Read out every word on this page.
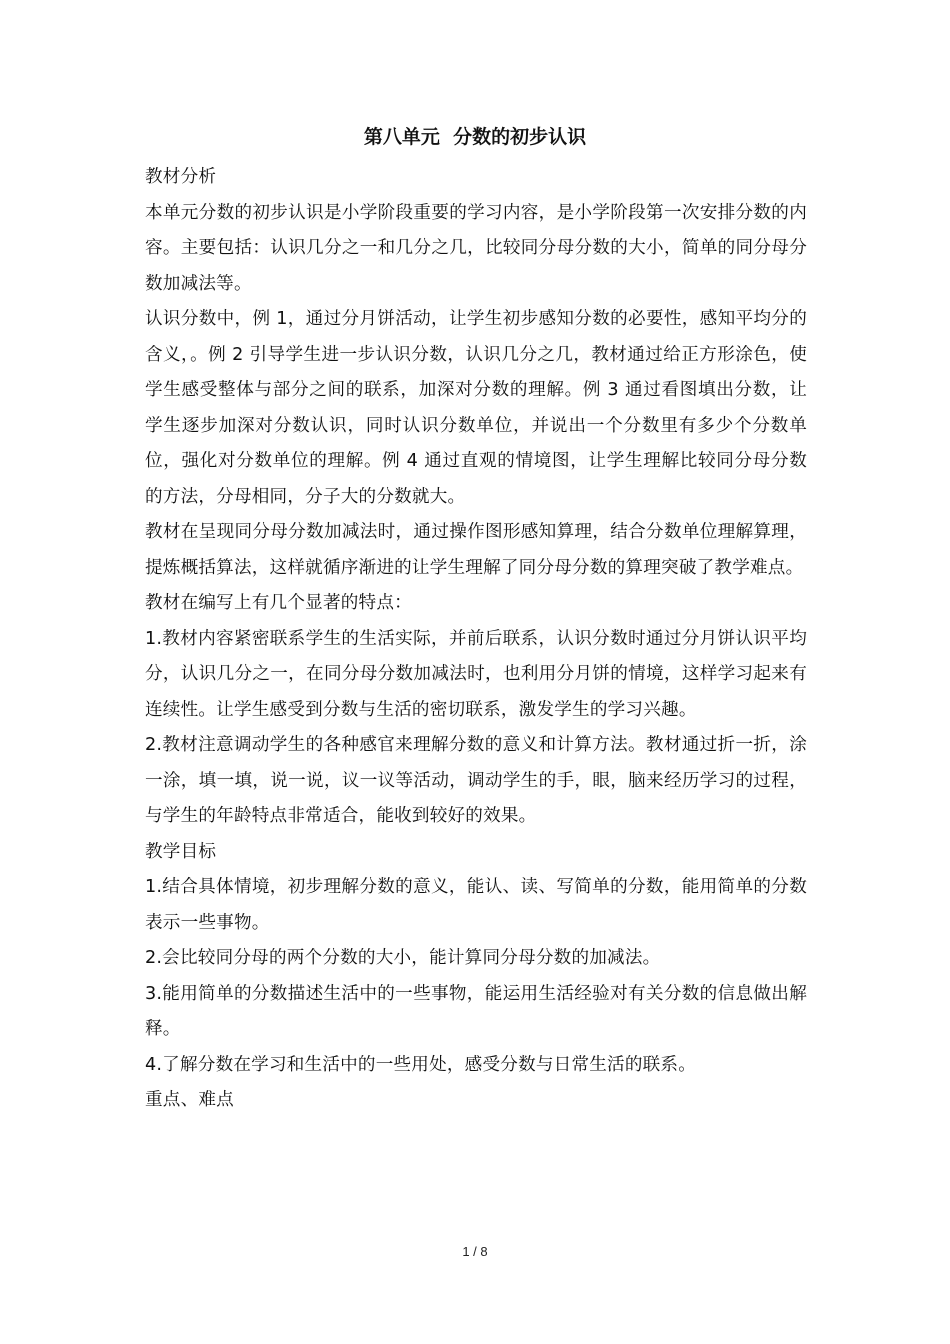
第八单元  分数的初步认识

教材分析

本单元分数的初步认识是小学阶段重要的学习内容，是小学阶段第一次安排分数的内容。主要包括：认识几分之一和几分之几，比较同分母分数的大小，简单的同分母分数加减法等。

认识分数中，例 1，通过分月饼活动，让学生初步感知分数的必要性，感知平均分的含义，。例 2 引导学生进一步认识分数，认识几分之几，教材通过给正方形涂色，使学生感受整体与部分之间的联系，加深对分数的理解。例 3 通过看图填出分数，让学生逐步加深对分数认识，同时认识分数单位，并说出一个分数里有多少个分数单位，强化对分数单位的理解。例 4 通过直观的情境图，让学生理解比较同分母分数的方法，分母相同，分子大的分数就大。

教材在呈现同分母分数加减法时，通过操作图形感知算理，结合分数单位理解算理，提炼概括算法，这样就循序渐进的让学生理解了同分母分数的算理突破了教学难点。

教材在编写上有几个显著的特点：

1.教材内容紧密联系学生的生活实际，并前后联系，认识分数时通过分月饼认识平均分，认识几分之一，在同分母分数加减法时，也利用分月饼的情境，这样学习起来有连续性。让学生感受到分数与生活的密切联系，激发学生的学习兴趣。

2.教材注意调动学生的各种感官来理解分数的意义和计算方法。教材通过折一折，涂一涂，填一填，说一说，议一议等活动，调动学生的手，眼，脑来经历学习的过程，与学生的年龄特点非常适合，能收到较好的效果。

教学目标

1.结合具体情境，初步理解分数的意义，能认、读、写简单的分数，能用简单的分数表示一些事物。

2.会比较同分母的两个分数的大小，能计算同分母分数的加减法。

3.能用简单的分数描述生活中的一些事物，能运用生活经验对有关分数的信息做出解释。

4.了解分数在学习和生活中的一些用处，感受分数与日常生活的联系。

重点、难点

1 / 8
